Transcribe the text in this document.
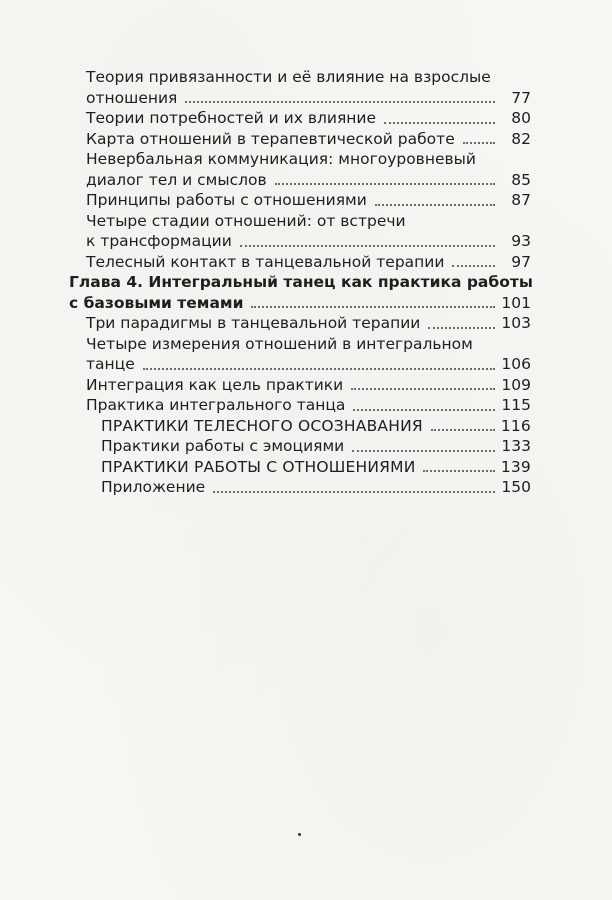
Теория привязанности и её влияние на взрослые
отношения	77
Теории потребностей и их влияние	80
Карта отношений в терапевтической работе	82
Невербальная коммуникация: многоуровневый
диалог тел и смыслов	85
Принципы работы с отношениями	87
Четыре стадии отношений: от встречи
к трансформации	93
Телесный контакт в танцевальной терапии	97
Глава 4. Интегральный танец как практика работы
с базовыми темами	101
Три парадигмы в танцевальной терапии	103
Четыре измерения отношений в интегральном
танце	106
Интеграция как цель практики	109
Практика интегрального танца	115
ПРАКТИКИ ТЕЛЕСНОГО ОСОЗНАВАНИЯ	116
Практики работы с эмоциями	133
ПРАКТИКИ РАБОТЫ С ОТНОШЕНИЯМИ	139
Приложение	150
